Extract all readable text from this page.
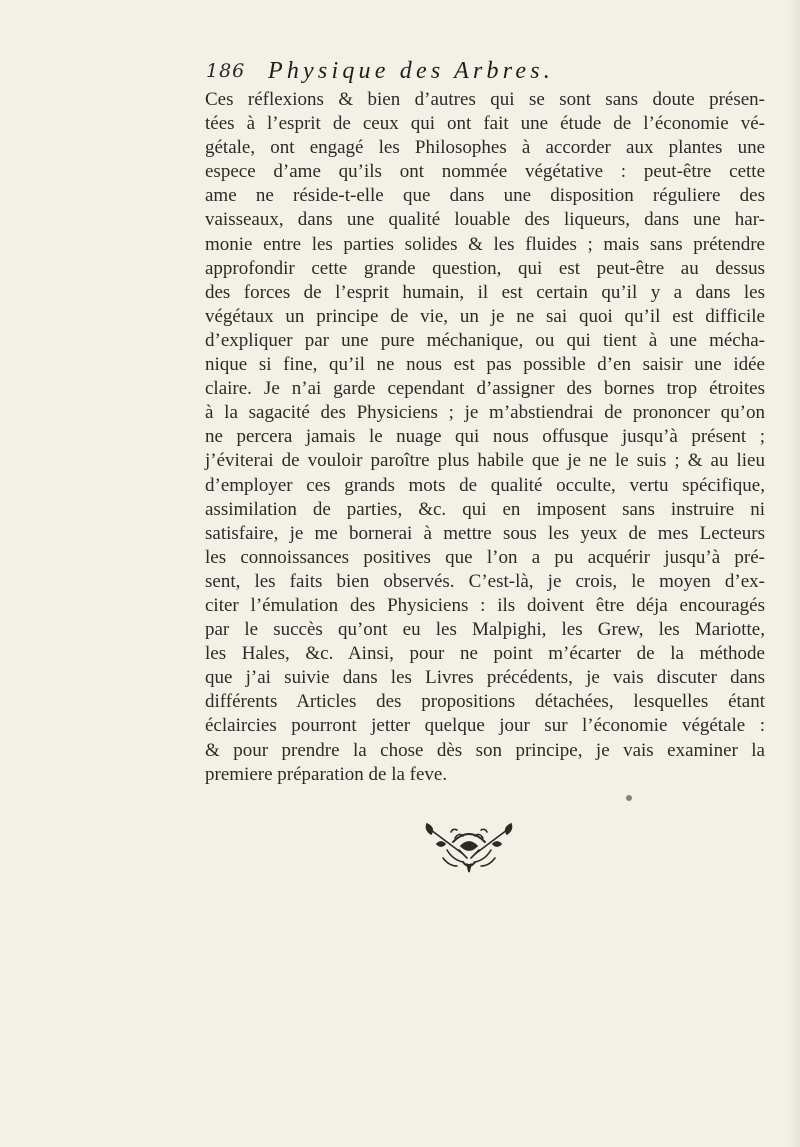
186 Physique des Arbres.
Ces réflexions & bien d’autres qui se sont sans doute présen-
tées à l’esprit de ceux qui ont fait une étude de l’économie vé-
gétale, ont engagé les Philosophes à accorder aux plantes une
espece d’ame qu’ils ont nommée végétative : peut-être cette
ame ne réside-t-elle que dans une disposition réguliere des
vaisseaux, dans une qualité louable des liqueurs, dans une har-
monie entre les parties solides & les fluides ; mais sans prétendre
approfondir cette grande question, qui est peut-être au dessus
des forces de l’esprit humain, il est certain qu’il y a dans les
végétaux un principe de vie, un je ne sai quoi qu’il est difficile
d’expliquer par une pure méchanique, ou qui tient à une mécha-
nique si fine, qu’il ne nous est pas possible d’en saisir une idée
claire. Je n’ai garde cependant d’assigner des bornes trop étroites
à la sagacité des Physiciens ; je m’abstiendrai de prononcer qu’on
ne percera jamais le nuage qui nous offusque jusqu’à présent ;
j’éviterai de vouloir paroître plus habile que je ne le suis ; & au lieu
d’employer ces grands mots de qualité occulte, vertu spécifique,
assimilation de parties, &c. qui en imposent sans instruire ni
satisfaire, je me bornerai à mettre sous les yeux de mes Lecteurs
les connoissances positives que l’on a pu acquérir jusqu’à pré-
sent, les faits bien observés. C’est-là, je crois, le moyen d’ex-
citer l’émulation des Physiciens : ils doivent être déja encouragés
par le succès qu’ont eu les Malpighi, les Grew, les Mariotte,
les Hales, &c. Ainsi, pour ne point m’écarter de la méthode
que j’ai suivie dans les Livres précédents, je vais discuter dans
différents Articles des propositions détachées, lesquelles étant
éclaircies pourront jetter quelque jour sur l’économie végétale :
& pour prendre la chose dès son principe, je vais examiner la
premiere préparation de la feve.
